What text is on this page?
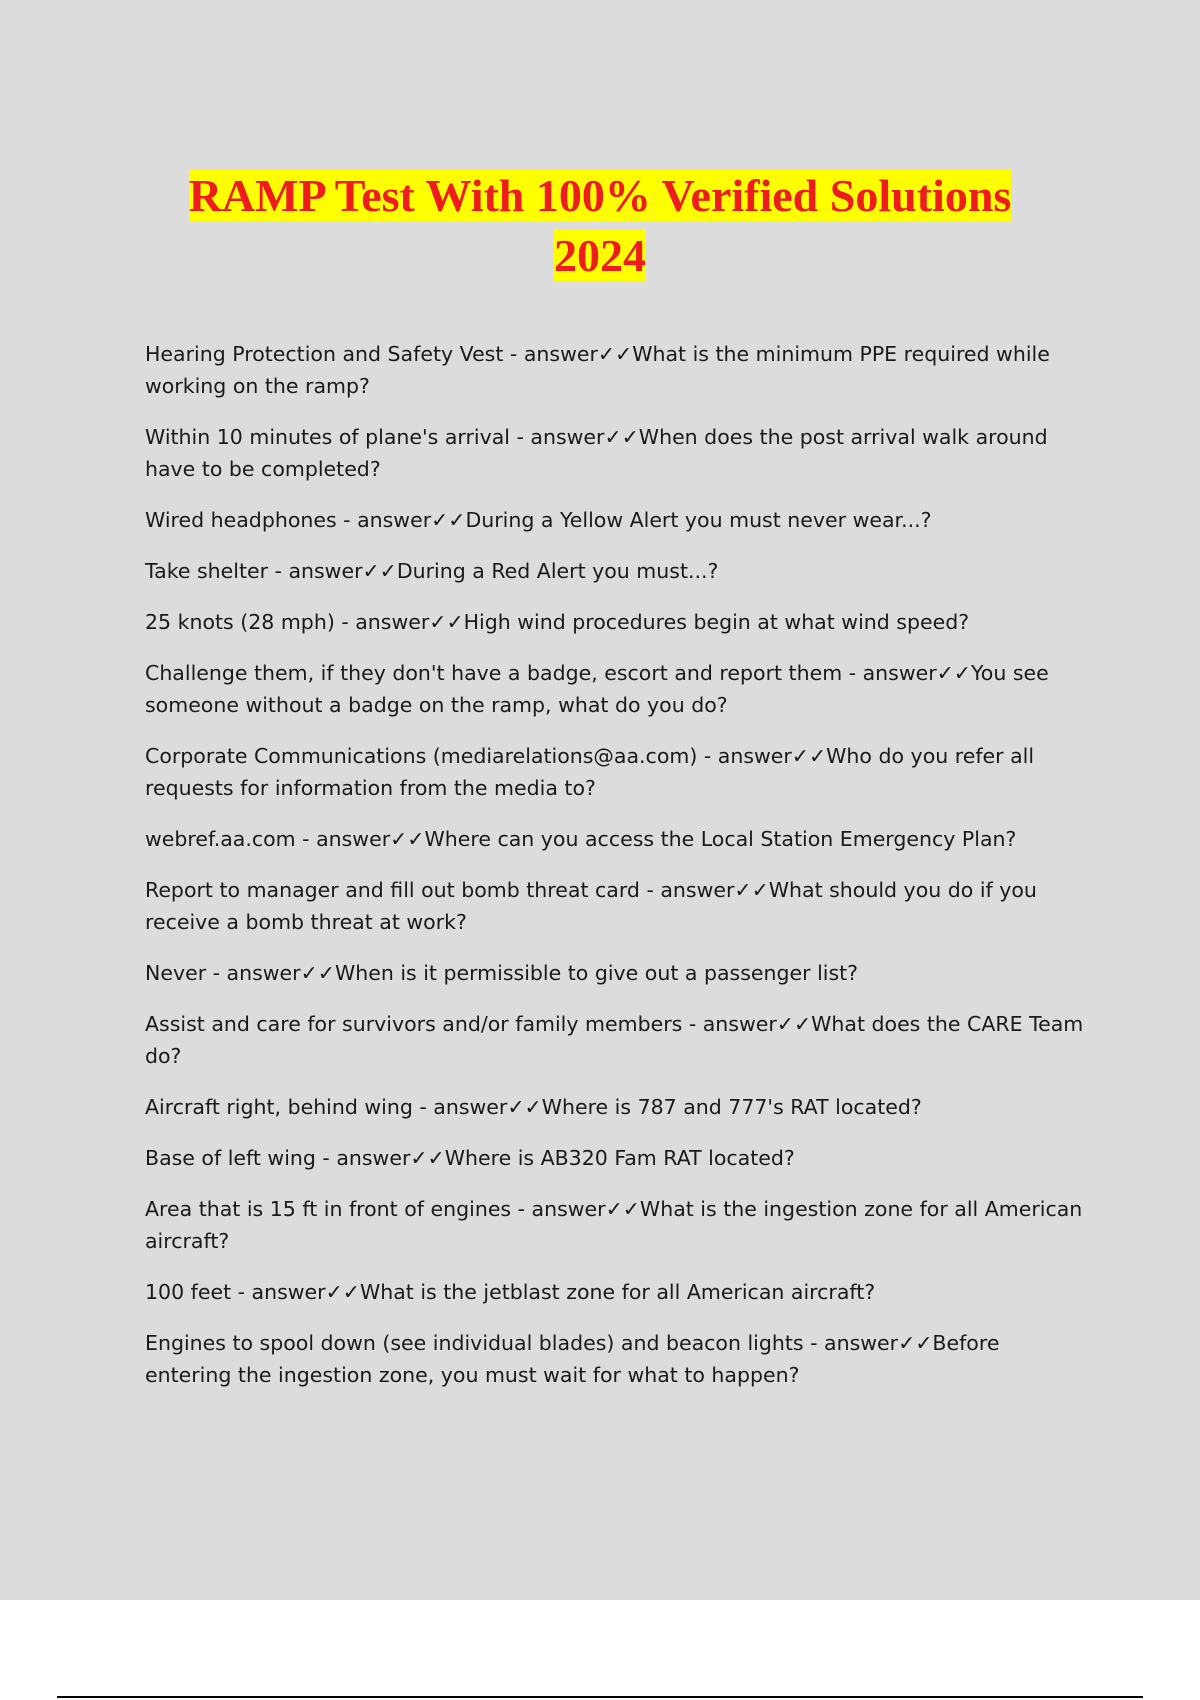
RAMP Test With 100% Verified Solutions
2024
Hearing Protection and Safety Vest - answer✓✓What is the minimum PPE required while working on the ramp?
Within 10 minutes of plane's arrival - answer✓✓When does the post arrival walk around have to be completed?
Wired headphones - answer✓✓During a Yellow Alert you must never wear...?
Take shelter - answer✓✓During a Red Alert you must...?
25 knots (28 mph) - answer✓✓High wind procedures begin at what wind speed?
Challenge them, if they don't have a badge, escort and report them - answer✓✓You see someone without a badge on the ramp, what do you do?
Corporate Communications (mediarelations@aa.com) - answer✓✓Who do you refer all requests for information from the media to?
webref.aa.com - answer✓✓Where can you access the Local Station Emergency Plan?
Report to manager and fill out bomb threat card - answer✓✓What should you do if you receive a bomb threat at work?
Never - answer✓✓When is it permissible to give out a passenger list?
Assist and care for survivors and/or family members - answer✓✓What does the CARE Team do?
Aircraft right, behind wing - answer✓✓Where is 787 and 777's RAT located?
Base of left wing - answer✓✓Where is AB320 Fam RAT located?
Area that is 15 ft in front of engines - answer✓✓What is the ingestion zone for all American aircraft?
100 feet - answer✓✓What is the jetblast zone for all American aircraft?
Engines to spool down (see individual blades) and beacon lights - answer✓✓Before entering the ingestion zone, you must wait for what to happen?
